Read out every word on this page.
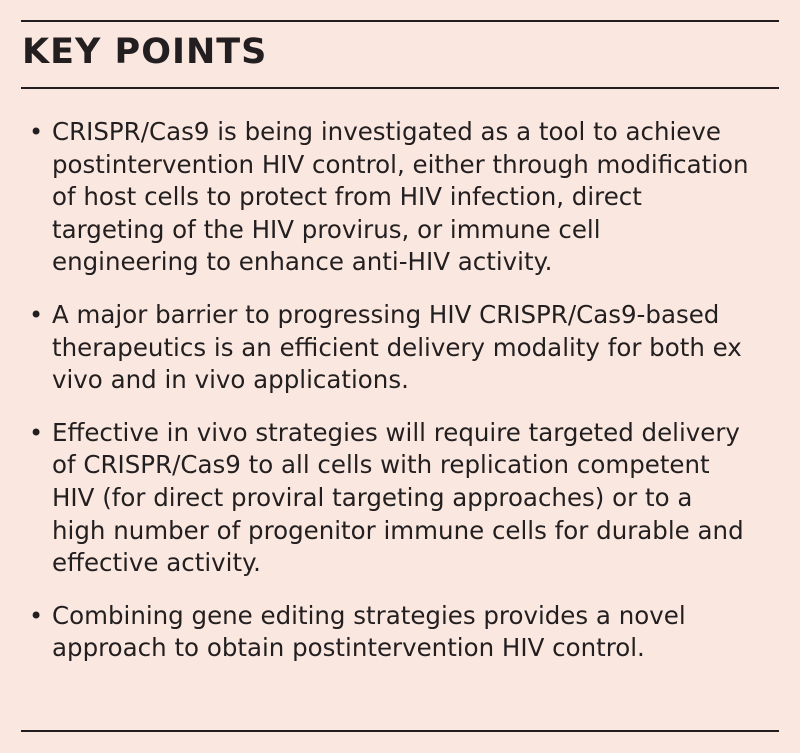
KEY POINTS
• CRISPR/Cas9 is being investigated as a tool to achieve
postintervention HIV control, either through modification
of host cells to protect from HIV infection, direct
targeting of the HIV provirus, or immune cell
engineering to enhance anti-HIV activity.
• A major barrier to progressing HIV CRISPR/Cas9-based
therapeutics is an efficient delivery modality for both ex
vivo and in vivo applications.
• Effective in vivo strategies will require targeted delivery
of CRISPR/Cas9 to all cells with replication competent
HIV (for direct proviral targeting approaches) or to a
high number of progenitor immune cells for durable and
effective activity.
• Combining gene editing strategies provides a novel
approach to obtain postintervention HIV control.
